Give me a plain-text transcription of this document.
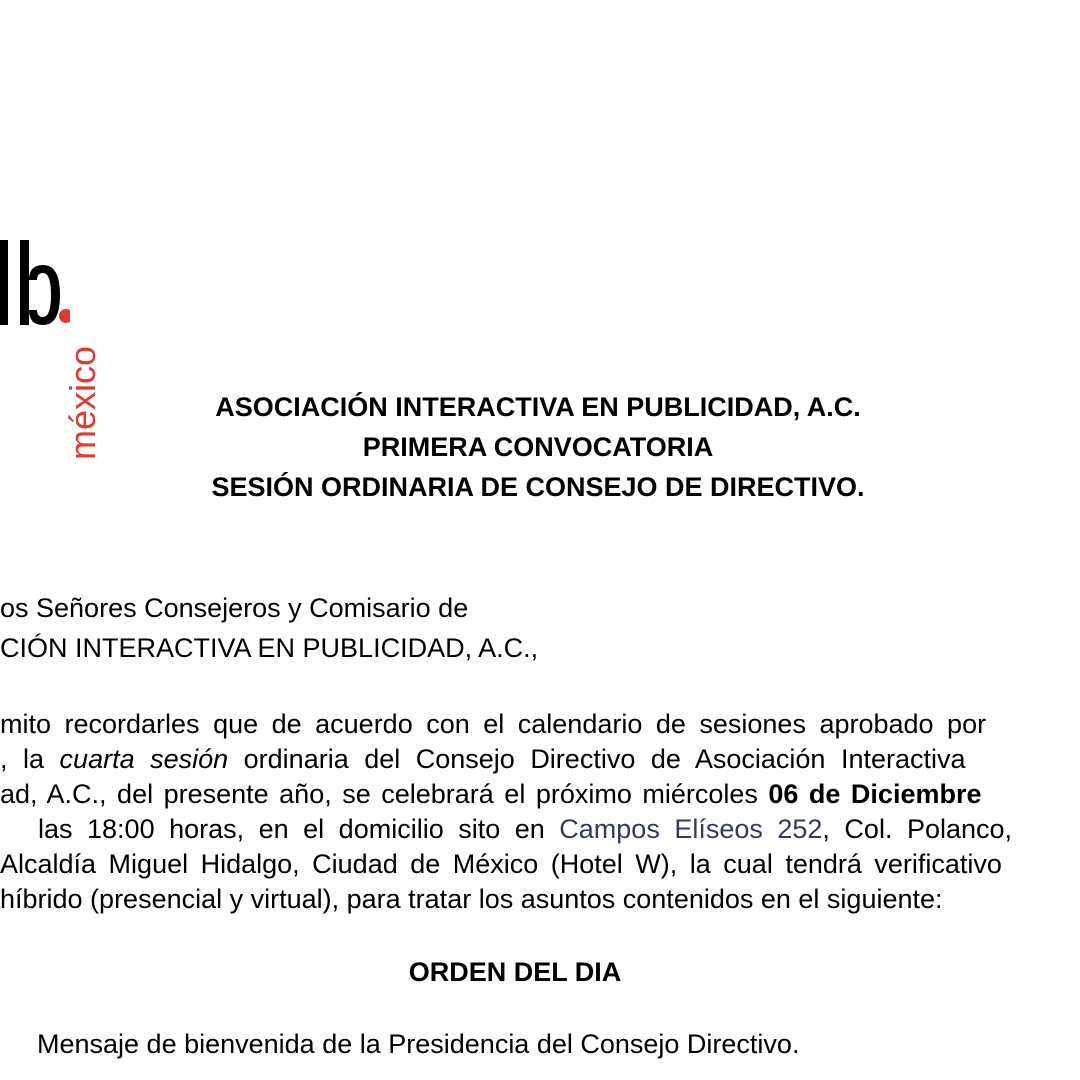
méxico	ASOCIACIÓN INTERACTIVA EN PUBLICIDAD, A.C.
PRIMERA CONVOCATORIA
SESIÓN ORDINARIA DE CONSEJO DE DIRECTIVO.
os Señores Consejeros y Comisario de
CIÓN INTERACTIVA EN PUBLICIDAD, A.C.,
mito recordarles que de acuerdo con el calendario de sesiones aprobado por
, la cuarta sesión ordinaria del Consejo Directivo de Asociación Interactiva
ad, A.C., del presente año, se celebrará el próximo miércoles 06 de Diciembre
las 18:00 horas, en el domicilio sito en Campos Elíseos 252, Col. Polanco,
Alcaldía Miguel Hidalgo, Ciudad de México (Hotel W), la cual tendrá verificativo
híbrido (presencial y virtual), para tratar los asuntos contenidos en el siguiente:
ORDEN DEL DIA
Mensaje de bienvenida de la Presidencia del Consejo Directivo.
